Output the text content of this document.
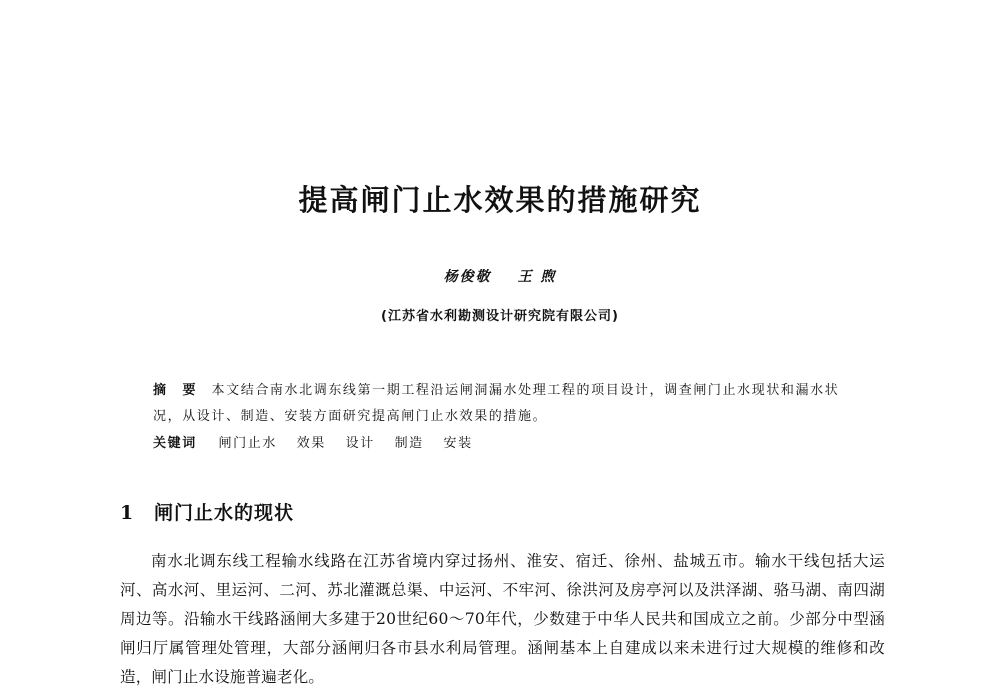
提高闸门止水效果的措施研究

杨俊敬 王 煦

(江苏省水利勘测设计研究院有限公司)

摘 要 本文结合南水北调东线第一期工程沿运闸洞漏水处理工程的项目设计，调查闸门止水现状和漏水状况，从设计、制造、安装方面研究提高闸门止水效果的措施。

关键词 闸门止水 效果 设计 制造 安装

1 闸门止水的现状

南水北调东线工程输水线路在江苏省境内穿过扬州、淮安、宿迁、徐州、盐城五市。输水干线包括大运河、高水河、里运河、二河、苏北灌溉总渠、中运河、不牢河、徐洪河及房亭河以及洪泽湖、骆马湖、南四湖周边等。沿输水干线路涵闸大多建于20世纪60～70年代，少数建于中华人民共和国成立之前。少部分中型涵闸归厅属管理处管理，大部分涵闸归各市县水利局管理。涵闸基本上自建成以来未进行过大规模的维修和改造，闸门止水设施普遍老化。
